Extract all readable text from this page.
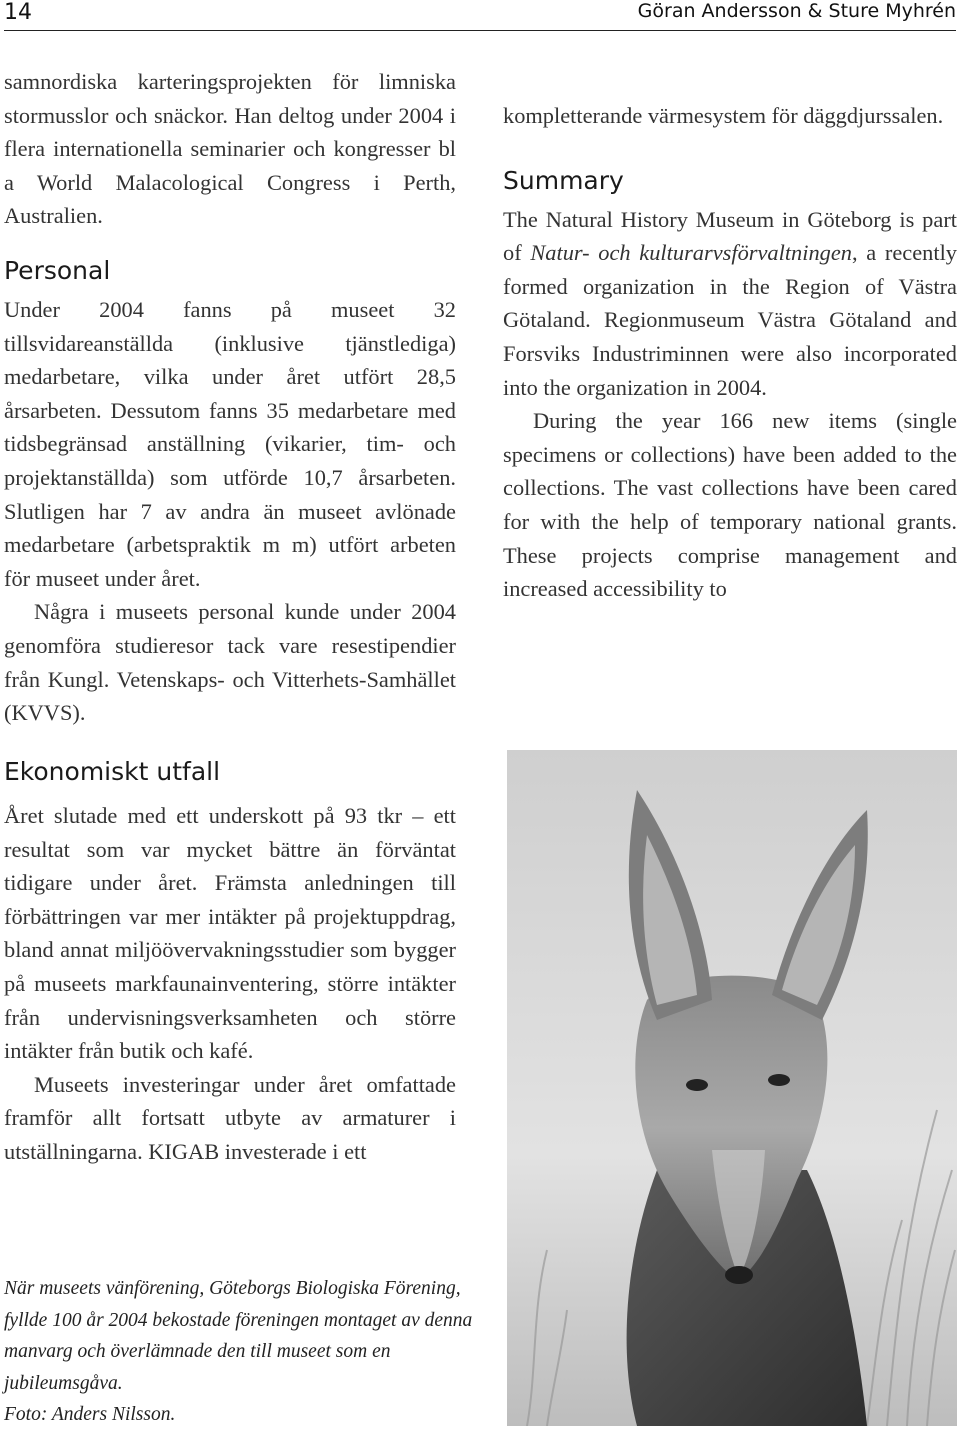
14	Göran Andersson & Sture Myhrén

samnordiska karteringsprojekten för limniska stormusslor och snäckor. Han deltog under 2004 i flera internationella seminarier och kongresser bl a World Malacological Congress i Perth, Australien.

Personal

Under 2004 fanns på museet 32 tillsvidareanställda (inklusive tjänstlediga) medarbetare, vilka under året utfört 28,5 årsarbeten. Dessutom fanns 35 medarbetare med tidsbegränsad anställning (vikarier, tim- och projektanställda) som utförde 10,7 årsarbeten. Slutligen har 7 av andra än museet avlönade medarbetare (arbetspraktik m m) utfört arbeten för museet under året.

Några i museets personal kunde under 2004 genomföra studieresor tack vare resestipendier från Kungl. Vetenskaps- och Vitterhets-Samhället (KVVS).

Ekonomiskt utfall

Året slutade med ett underskott på 93 tkr – ett resultat som var mycket bättre än förväntat tidigare under året. Främsta anledningen till förbättringen var mer intäkter på projektuppdrag, bland annat miljöövervakningsstudier som bygger på museets markfaunainventering, större intäkter från undervisningsverksamheten och större intäkter från butik och kafé.

Museets investeringar under året omfattade framför allt fortsatt utbyte av armaturer i utställningarna. KIGAB investerade i ett

kompletterande värmesystem för däggdjurssalen.

Summary

The Natural History Museum in Göteborg is part of Natur- och kulturarvsförvaltningen, a recently formed organization in the Region of Västra Götaland. Regionmuseum Västra Götaland and Forsviks Industriminnen were also incorporated into the organization in 2004.

During the year 166 new items (single specimens or collections) have been added to the collections. The vast collections have been cared for with the help of temporary national grants. These projects comprise management and increased accessibility to

När museets vänförening, Göteborgs Biologiska Förening, fyllde 100 år 2004 bekostade föreningen montaget av denna manvarg och överlämnade den till museet som en jubileumsgåva.
Foto: Anders Nilsson.
